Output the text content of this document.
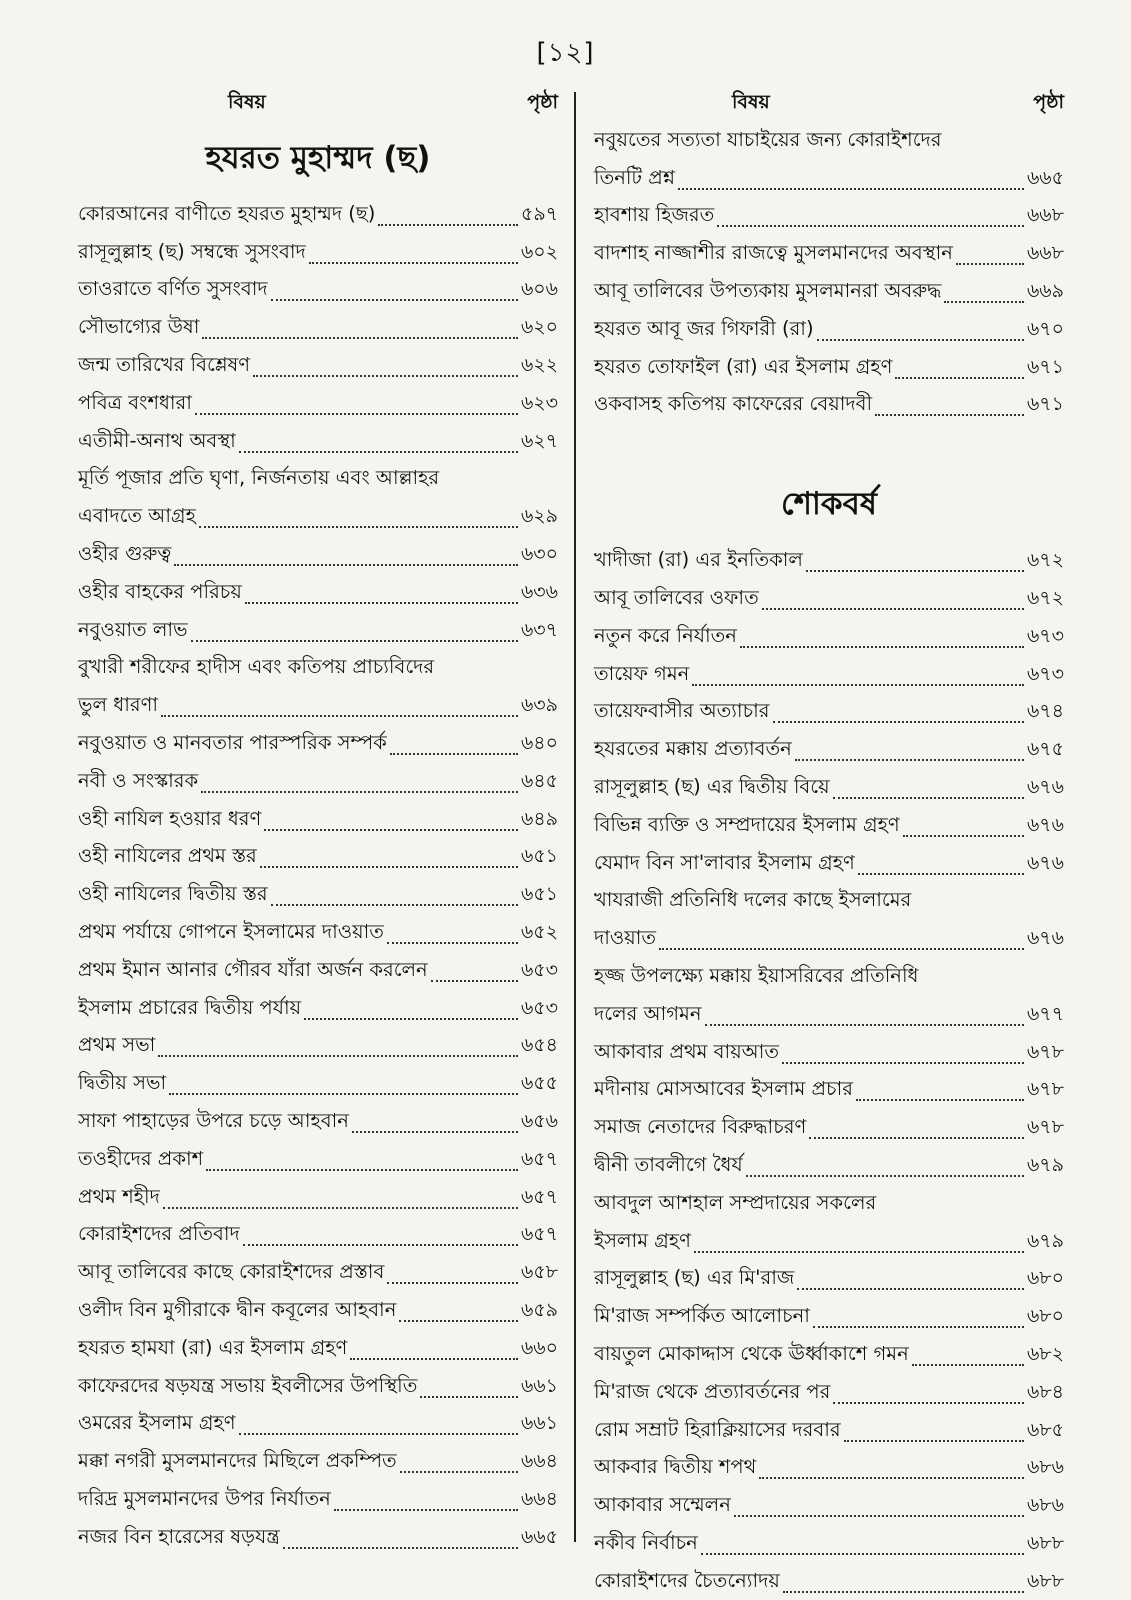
[১২]
বিষয়	পৃষ্ঠা
হযরত মুহাম্মদ (ছ)
কোরআনের বাণীতে হযরত মুহাম্মদ (ছ)	৫৯৭
রাসূলুল্লাহ (ছ) সম্বন্ধে সুসংবাদ	৬০২
তাওরাতে বর্ণিত সুসংবাদ	৬০৬
সৌভাগ্যের উষা	৬২০
জন্ম তারিখের বিশ্লেষণ	৬২২
পবিত্র বংশধারা	৬২৩
এতীমী-অনাথ অবস্থা	৬২৭
মূর্তি পূজার প্রতি ঘৃণা, নির্জনতায় এবং আল্লাহর
এবাদতে আগ্রহ	৬২৯
ওহীর গুরুত্ব	৬৩০
ওহীর বাহকের পরিচয়	৬৩৬
নবুওয়াত লাভ	৬৩৭
বুখারী শরীফের হাদীস এবং কতিপয় প্রাচ্যবিদের
ভুল ধারণা	৬৩৯
নবুওয়াত ও মানবতার পারস্পরিক সম্পর্ক	৬৪০
নবী ও সংস্কারক	৬৪৫
ওহী নাযিল হওয়ার ধরণ	৬৪৯
ওহী নাযিলের প্রথম স্তর	৬৫১
ওহী নাযিলের দ্বিতীয় স্তর	৬৫১
প্রথম পর্যায়ে গোপনে ইসলামের দাওয়াত	৬৫২
প্রথম ইমান আনার গৌরব যাঁরা অর্জন করলেন	৬৫৩
ইসলাম প্রচারের দ্বিতীয় পর্যায়	৬৫৩
প্রথম সভা	৬৫৪
দ্বিতীয় সভা	৬৫৫
সাফা পাহাড়ের উপরে চড়ে আহবান	৬৫৬
তওহীদের প্রকাশ	৬৫৭
প্রথম শহীদ	৬৫৭
কোরাইশদের প্রতিবাদ	৬৫৭
আবূ তালিবের কাছে কোরাইশদের প্রস্তাব	৬৫৮
ওলীদ বিন মুগীরাকে দ্বীন কবূলের আহবান	৬৫৯
হযরত হামযা (রা) এর ইসলাম গ্রহণ	৬৬০
কাফেরদের ষড়যন্ত্র সভায় ইবলীসের উপস্থিতি	৬৬১
ওমরের ইসলাম গ্রহণ	৬৬১
মক্কা নগরী মুসলমানদের মিছিলে প্রকম্পিত	৬৬৪
দরিদ্র মুসলমানদের উপর নির্যাতন	৬৬৪
নজর বিন হারেসের ষড়যন্ত্র	৬৬৫
বিষয়	পৃষ্ঠা
নবুয়তের সত্যতা যাচাইয়ের জন্য কোরাইশদের
তিনটি প্রশ্ন	৬৬৫
হাবশায় হিজরত	৬৬৮
বাদশাহ নাজ্জাশীর রাজত্বে মুসলমানদের অবস্থান	৬৬৮
আবূ তালিবের উপত্যকায় মুসলমানরা অবরুদ্ধ	৬৬৯
হযরত আবূ জর গিফারী (রা)	৬৭০
হযরত তোফাইল (রা) এর ইসলাম গ্রহণ	৬৭১
ওকবাসহ কতিপয় কাফেরের বেয়াদবী	৬৭১
শোকবর্ষ
খাদীজা (রা) এর ইনতিকাল	৬৭২
আবূ তালিবের ওফাত	৬৭২
নতুন করে নির্যাতন	৬৭৩
তায়েফ গমন	৬৭৩
তায়েফবাসীর অত্যাচার	৬৭৪
হযরতের মক্কায় প্রত্যাবর্তন	৬৭৫
রাসূলুল্লাহ (ছ) এর দ্বিতীয় বিয়ে	৬৭৬
বিভিন্ন ব্যক্তি ও সম্প্রদায়ের ইসলাম গ্রহণ	৬৭৬
যেমাদ বিন সা'লাবার ইসলাম গ্রহণ	৬৭৬
খাযরাজী প্রতিনিধি দলের কাছে ইসলামের
দাওয়াত	৬৭৬
হজ্জ উপলক্ষ্যে মক্কায় ইয়াসরিবের প্রতিনিধি
দলের আগমন	৬৭৭
আকাবার প্রথম বায়আত	৬৭৮
মদীনায় মোসআবের ইসলাম প্রচার	৬৭৮
সমাজ নেতাদের বিরুদ্ধাচরণ	৬৭৮
দ্বীনী তাবলীগে ধৈর্য	৬৭৯
আবদুল আশহাল সম্প্রদায়ের সকলের
ইসলাম গ্রহণ	৬৭৯
রাসূলুল্লাহ (ছ) এর মি'রাজ	৬৮০
মি'রাজ সম্পর্কিত আলোচনা	৬৮০
বায়তুল মোকাদ্দাস থেকে ঊর্ধ্বাকাশে গমন	৬৮২
মি'রাজ থেকে প্রত্যাবর্তনের পর	৬৮৪
রোম সম্রাট হিরাক্লিয়াসের দরবার	৬৮৫
আকবার দ্বিতীয় শপথ	৬৮৬
আকাবার সম্মেলন	৬৮৬
নকীব নির্বাচন	৬৮৮
কোরাইশদের চৈতন্যোদয়	৬৮৮
